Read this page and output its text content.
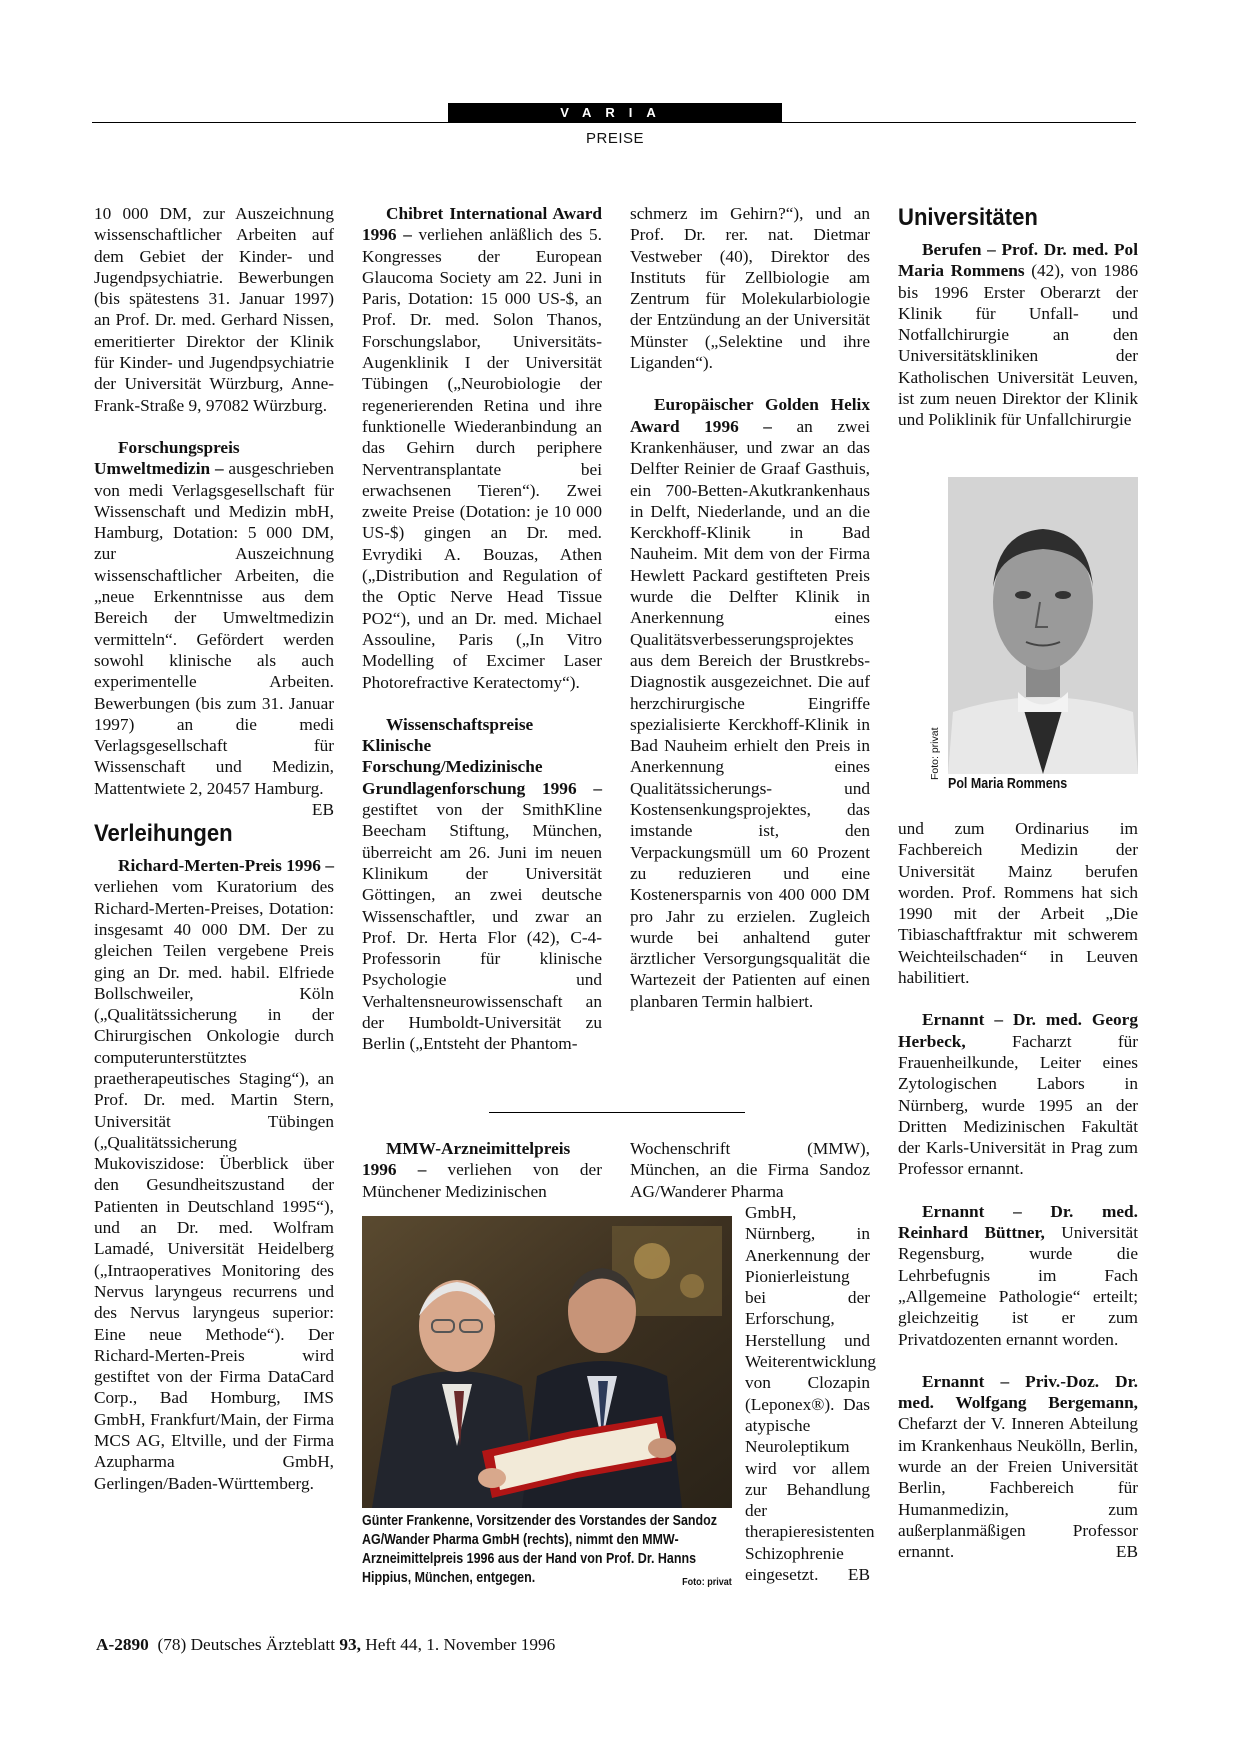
VARIA
PREISE

10 000 DM, zur Auszeichnung wissenschaftlicher Arbeiten auf dem Gebiet der Kinder- und Jugendpsychiatrie. Bewerbungen (bis spätestens 31. Januar 1997) an Prof. Dr. med. Gerhard Nissen, emeritierter Direktor der Klinik für Kinder- und Jugendpsychiatrie der Universität Würzburg, Anne-Frank-Straße 9, 97082 Würzburg.

Forschungspreis Umweltmedizin – ausgeschrieben von medi Verlagsgesellschaft für Wissenschaft und Medizin mbH, Hamburg, Dotation: 5 000 DM, zur Auszeichnung wissenschaftlicher Arbeiten, die „neue Erkenntnisse aus dem Bereich der Umweltmedizin vermitteln“. Gefördert werden sowohl klinische als auch experimentelle Arbeiten. Bewerbungen (bis zum 31. Januar 1997) an die medi Verlagsgesellschaft für Wissenschaft und Medizin, Mattentwiete 2, 20457 Hamburg.
EB

Verleihungen

Richard-Merten-Preis 1996 – verliehen vom Kuratorium des Richard-Merten-Preises, Dotation: insgesamt 40 000 DM. Der zu gleichen Teilen vergebene Preis ging an Dr. med. habil. Elfriede Bollschweiler, Köln („Qualitätssicherung in der Chirurgischen Onkologie durch computerunterstütztes praetherapeutisches Staging“), an Prof. Dr. med. Martin Stern, Universität Tübingen („Qualitätssicherung Mukoviszidose: Überblick über den Gesundheitszustand der Patienten in Deutschland 1995“), und an Dr. med. Wolfram Lamadé, Universität Heidelberg („Intraoperatives Monitoring des Nervus laryngeus recurrens und des Nervus laryngeus superior: Eine neue Methode“). Der Richard-Merten-Preis wird gestiftet von der Firma DataCard Corp., Bad Homburg, IMS GmbH, Frankfurt/Main, der Firma MCS AG, Eltville, und der Firma Azupharma GmbH, Gerlingen/Baden-Württemberg.

Chibret International Award 1996 – verliehen anläßlich des 5. Kongresses der European Glaucoma Society am 22. Juni in Paris, Dotation: 15 000 US-$, an Prof. Dr. med. Solon Thanos, Forschungslabor, Universitäts-Augenklinik I der Universität Tübingen („Neurobiologie der regenerierenden Retina und ihre funktionelle Wiederanbindung an das Gehirn durch periphere Nerventransplantate bei erwachsenen Tieren“). Zwei zweite Preise (Dotation: je 10 000 US-$) gingen an Dr. med. Evrydiki A. Bouzas, Athen („Distribution and Regulation of the Optic Nerve Head Tissue PO2“), und an Dr. med. Michael Assouline, Paris („In Vitro Modelling of Excimer Laser Photorefractive Keratectomy“).

Wissenschaftspreise Klinische Forschung/Medizinische Grundlagenforschung 1996 – gestiftet von der SmithKline Beecham Stiftung, München, überreicht am 26. Juni im neuen Klinikum der Universität Göttingen, an zwei deutsche Wissenschaftler, und zwar an Prof. Dr. Herta Flor (42), C-4-Professorin für klinische Psychologie und Verhaltensneurowissenschaft an der Humboldt-Universität zu Berlin („Entsteht der Phantom-

schmerz im Gehirn?“), und an Prof. Dr. rer. nat. Dietmar Vestweber (40), Direktor des Instituts für Zellbiologie am Zentrum für Molekularbiologie der Entzündung an der Universität Münster („Selektine und ihre Liganden“).

Europäischer Golden Helix Award 1996 – an zwei Krankenhäuser, und zwar an das Delfter Reinier de Graaf Gasthuis, ein 700-Betten-Akutkrankenhaus in Delft, Niederlande, und an die Kerckhoff-Klinik in Bad Nauheim. Mit dem von der Firma Hewlett Packard gestifteten Preis wurde die Delfter Klinik in Anerkennung eines Qualitätsverbesserungsprojektes aus dem Bereich der Brustkrebs-Diagnostik ausgezeichnet. Die auf herzchirurgische Eingriffe spezialisierte Kerckhoff-Klinik in Bad Nauheim erhielt den Preis in Anerkennung eines Qualitätssicherungs- und Kostensenkungsprojektes, das imstande ist, den Verpackungsmüll um 60 Prozent zu reduzieren und eine Kostenersparnis von 400 000 DM pro Jahr zu erzielen. Zugleich wurde bei anhaltend guter ärztlicher Versorgungsqualität die Wartezeit der Patienten auf einen planbaren Termin halbiert.

MMW-Arzneimittelpreis 1996 – verliehen von der Münchener Medizinischen

Wochenschrift (MMW), München, an die Firma Sandoz AG/Wanderer Pharma

GmbH, Nürnberg, in Anerkennung der Pionierleistung bei der Erforschung, Herstellung und Weiterentwicklung von Clozapin (Leponex®). Das atypische Neuroleptikum wird vor allem zur Behandlung der therapieresistenten Schizophrenie eingesetzt. EB

Günter Frankenne, Vorsitzender des Vorstandes der Sandoz AG/Wander Pharma GmbH (rechts), nimmt den MMW-Arzneimittelpreis 1996 aus der Hand von Prof. Dr. Hanns Hippius, München, entgegen.	Foto: privat
Universitäten

Berufen – Prof. Dr. med. Pol Maria Rommens (42), von 1986 bis 1996 Erster Oberarzt der Klinik für Unfall- und Notfallchirurgie an den Universitätskliniken der Katholischen Universität Leuven, ist zum neuen Direktor der Klinik und Poliklinik für Unfallchirurgie

Foto: privat
Pol Maria Rommens

und zum Ordinarius im Fachbereich Medizin der Universität Mainz berufen worden. Prof. Rommens hat sich 1990 mit der Arbeit „Die Tibiaschaftfraktur mit schwerem Weichteilschaden“ in Leuven habilitiert.

Ernannt – Dr. med. Georg Herbeck, Facharzt für Frauenheilkunde, Leiter eines Zytologischen Labors in Nürnberg, wurde 1995 an der Dritten Medizinischen Fakultät der Karls-Universität in Prag zum Professor ernannt.

Ernannt – Dr. med. Reinhard Büttner, Universität Regensburg, wurde die Lehrbefugnis im Fach „Allgemeine Pathologie“ erteilt; gleichzeitig ist er zum Privatdozenten ernannt worden.

Ernannt – Priv.-Doz. Dr. med. Wolfgang Bergemann, Chefarzt der V. Inneren Abteilung im Krankenhaus Neukölln, Berlin, wurde an der Freien Universität Berlin, Fachbereich für Humanmedizin, zum außerplanmäßigen Professor ernannt.	EB

A-2890  (78) Deutsches Ärzteblatt 93, Heft 44, 1. November 1996
